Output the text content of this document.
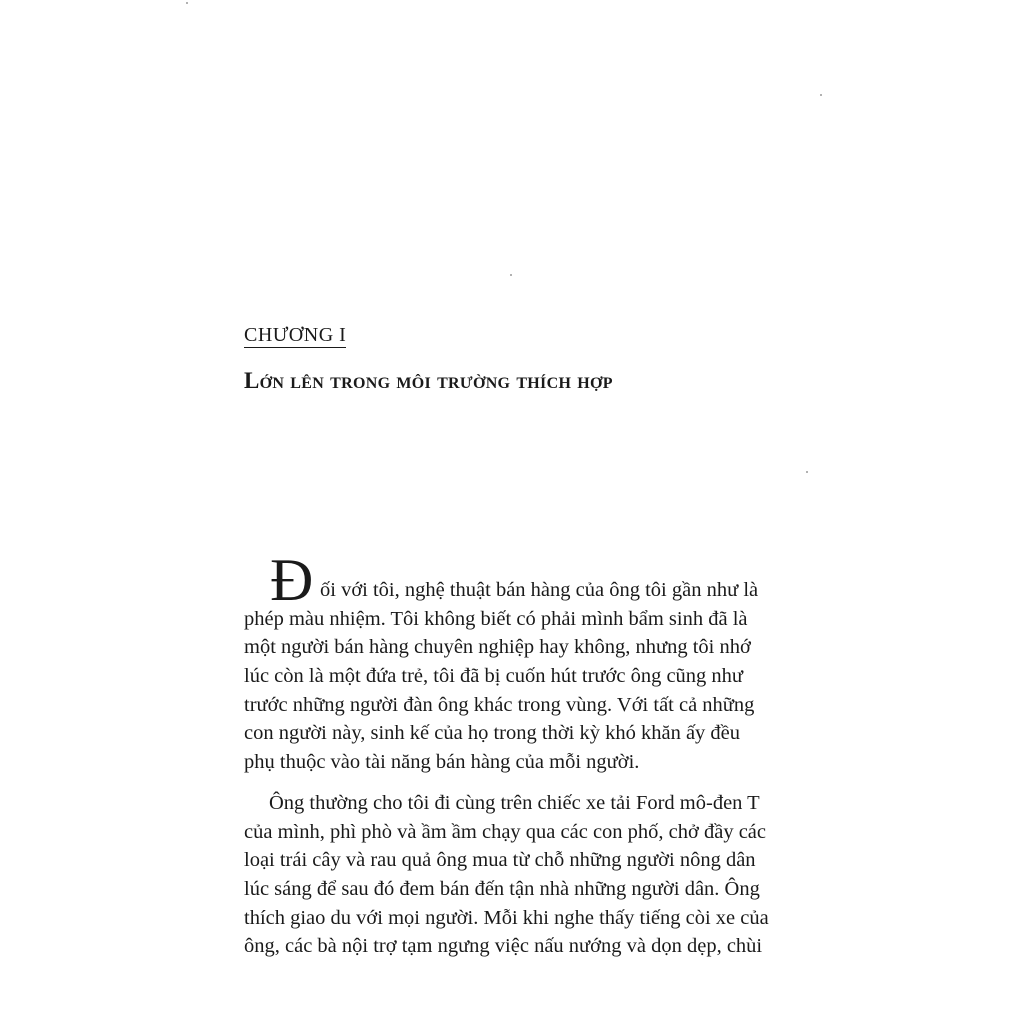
CHƯƠNG I
Lớn lên trong môi trường thích hợp
Đ ối với tôi, nghệ thuật bán hàng của ông tôi gần như là
phép màu nhiệm. Tôi không biết có phải mình bẩm sinh đã là
một người bán hàng chuyên nghiệp hay không, nhưng tôi nhớ
lúc còn là một đứa trẻ, tôi đã bị cuốn hút trước ông cũng như
trước những người đàn ông khác trong vùng. Với tất cả những
con người này, sinh kế của họ trong thời kỳ khó khăn ấy đều
phụ thuộc vào tài năng bán hàng của mỗi người.
Ông thường cho tôi đi cùng trên chiếc xe tải Ford mô-đen T
của mình, phì phò và ầm ầm chạy qua các con phố, chở đầy các
loại trái cây và rau quả ông mua từ chỗ những người nông dân
lúc sáng để sau đó đem bán đến tận nhà những người dân. Ông
thích giao du với mọi người. Mỗi khi nghe thấy tiếng còi xe của
ông, các bà nội trợ tạm ngưng việc nấu nướng và dọn dẹp, chùi
